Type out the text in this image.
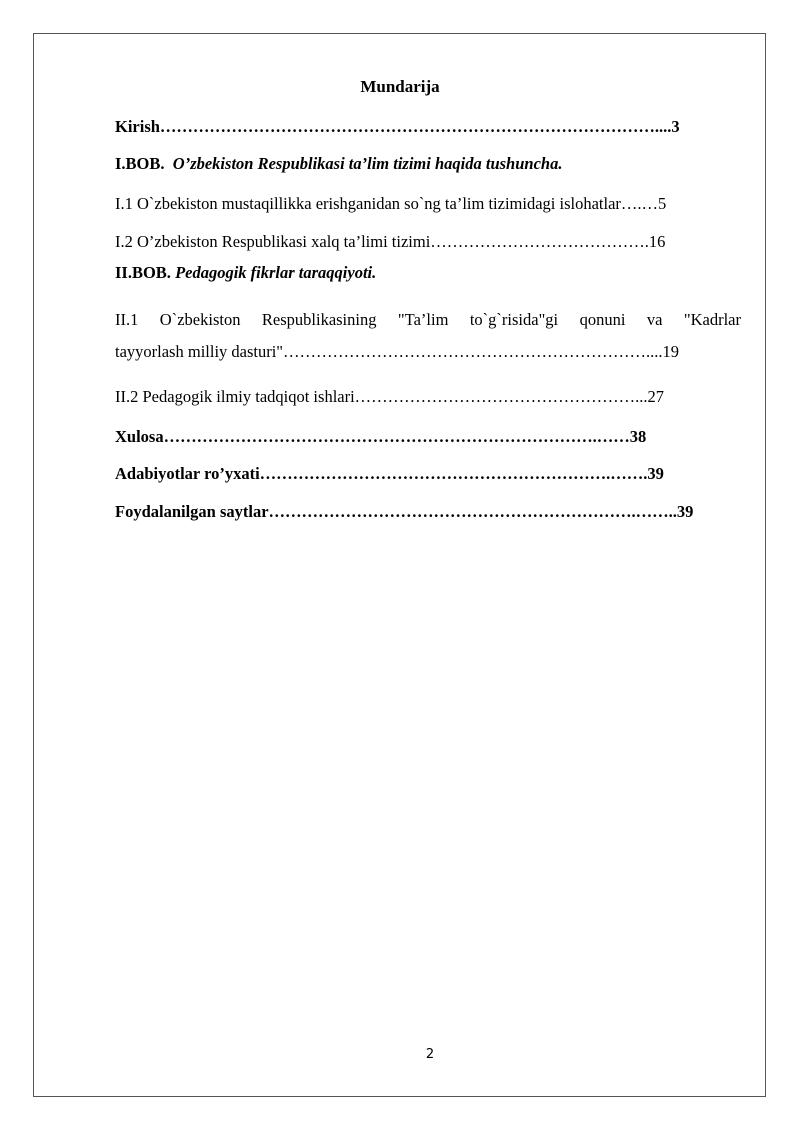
Mundarija
Kirish………………………………………………………………………………....3
I.BOB. O’zbekiston Respublikasi ta’lim tizimi haqida tushuncha.
I.1 O`zbekiston mustaqillikka erishganidan so`ng ta’lim tizimidagi islohatlar….…5
I.2 O’zbekiston Respublikasi xalq ta’limi tizimi………………………………….16
II.BOB. Pedagogik fikrlar taraqqiyoti.
II.1 O`zbekiston Respublikasining "Ta’lim to`g`risida"gi qonuni va "Kadrlar
tayyorlash milliy dasturi"…………………………………………………………....19
II.2 Pedagogik ilmiy tadqiqot ishlari……………………………………………...27
Xulosa…………………………………………………………………….……38
Adabiyotlar ro’yxati……………………………………………………….…….39
Foydalanilgan saytlar………………………………………………………….……..39
2
